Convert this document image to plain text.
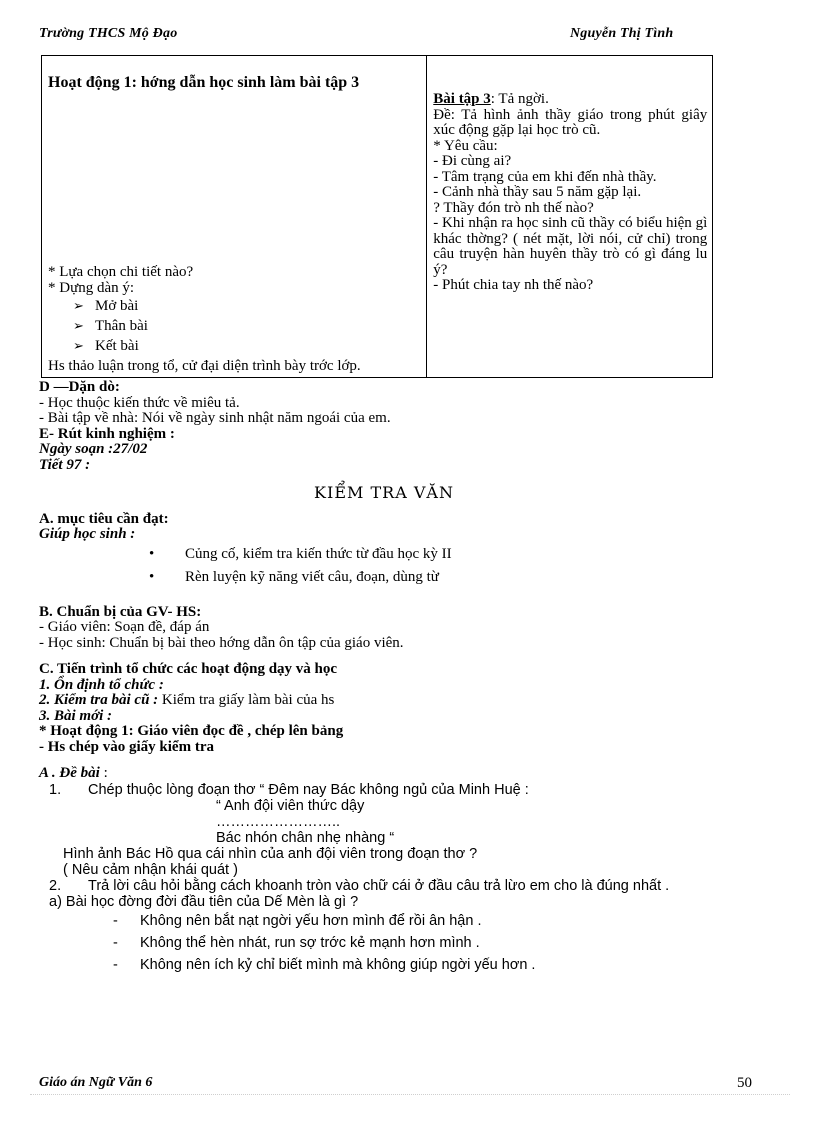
Trường THCS Mộ Đạo	Nguyễn Thị Tình
Hoạt động 1: hớng dẫn học sinh làm bài tập 3
* Lựa chọn chi tiết nào?
* Dựng dàn ý:
➢ Mở bài
➢ Thân bài
➢ Kết bài
Hs thảo luận trong tổ, cử đại diện trình bày trớc lớp.

Bài tập 3: Tả ngời.
Đề: Tả hình ảnh thầy giáo trong phút giây xúc động gặp lại học trò cũ.
* Yêu cầu:
- Đi cùng ai?
- Tâm trạng của em khi đến nhà thầy.
- Cảnh nhà thầy sau 5 năm gặp lại.
? Thầy đón trò nh thế nào?
- Khi nhận ra học sinh cũ thầy có biểu hiện gì khác thờng? ( nét mặt, lời nói, cử chỉ) trong câu truyện hàn huyên thầy trò có gì đáng lu ý?
- Phút chia tay nh thế nào?
D —Dặn dò:
- Học thuộc kiến thức về miêu tả.
- Bài tập về nhà: Nói về ngày sinh nhật năm ngoái của em.
E- Rút kinh nghiệm :
Ngày soạn :27/02
Tiết 97 :
KIỂM TRA VĂN
A. mục tiêu cần đạt:
Giúp học sinh :
• Củng cố, kiểm tra kiến thức từ đầu học kỳ II
• Rèn luyện kỹ năng viết câu, đoạn, dùng từ
B. Chuẩn bị của GV- HS:
- Giáo viên: Soạn đề, đáp án
- Học sinh: Chuẩn bị bài theo hớng dẫn ôn tập của giáo viên.
C. Tiến trình tổ chức các hoạt động dạy và học
1. Ổn định tổ chức :
2. Kiểm tra bài cũ : Kiểm tra giấy làm bài của hs
3. Bài mới :
* Hoạt động 1: Giáo viên đọc đề , chép lên bảng
- Hs chép vào giấy kiểm tra
A . Đề bài :
1. Chép thuộc lòng đoạn thơ “ Đêm nay Bác không ngủ của Minh Huệ :
“ Anh đội viên thức dậy
……………………..
Bác nhón chân nhẹ nhàng “
Hình ảnh Bác Hồ qua cái nhìn của anh đội viên trong đoạn thơ ?
( Nêu cảm nhận khái quát )
2. Trả lời câu hỏi bằng cách khoanh tròn vào chữ cái ở đầu câu trả lừo em cho là đúng nhất .
a) Bài học đờng đời đầu tiên của Dế Mèn là gì ?
- Không nên bắt nạt ngời yếu hơn mình để rồi ân hận .
- Không thể hèn nhát, run sợ trớc kẻ mạnh hơn mình .
- Không nên ích kỷ chỉ biết mình mà không giúp ngời yếu hơn .
Giáo án Ngữ Văn 6	50
